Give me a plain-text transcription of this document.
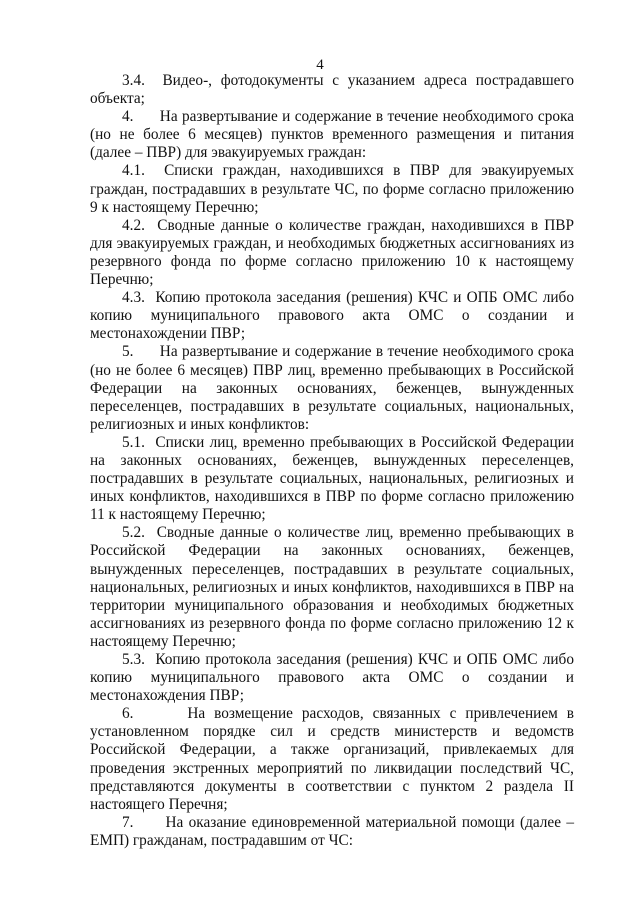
4

3.4.  Видео-, фотодокументы с указанием адреса пострадавшего объекта;

4.      На развертывание и содержание в течение необходимого срока (но не более 6 месяцев) пунктов временного размещения и питания (далее – ПВР) для эвакуируемых граждан:

4.1.  Списки граждан, находившихся в ПВР для эвакуируемых граждан, пострадавших в результате ЧС, по форме согласно приложению 9 к настоящему Перечню;

4.2.  Сводные данные о количестве граждан, находившихся в ПВР для эвакуируемых граждан, и необходимых бюджетных ассигнованиях из резервного фонда по форме согласно приложению 10 к настоящему Перечню;

4.3.  Копию протокола заседания (решения) КЧС и ОПБ ОМС либо копию муниципального правового акта ОМС о создании и местонахождении ПВР;

5.      На развертывание и содержание в течение необходимого срока (но не более 6 месяцев) ПВР лиц, временно пребывающих в Российской Федерации на законных основаниях, беженцев, вынужденных переселенцев, пострадавших в результате социальных, национальных, религиозных и иных конфликтов:

5.1.  Списки лиц, временно пребывающих в Российской Федерации на законных основаниях, беженцев, вынужденных переселенцев, пострадавших в результате социальных, национальных, религиозных и иных конфликтов, находившихся в ПВР по форме согласно приложению 11 к настоящему Перечню;

5.2.  Сводные данные о количестве лиц, временно пребывающих в Российской Федерации на законных основаниях, беженцев, вынужденных переселенцев, пострадавших в результате социальных, национальных, религиозных и иных конфликтов, находившихся в ПВР на территории муниципального образования и необходимых бюджетных ассигнованиях из резервного фонда по форме согласно приложению 12 к настоящему Перечню;

5.3.  Копию протокола заседания (решения) КЧС и ОПБ ОМС либо копию муниципального правового акта ОМС о создании и местонахождения ПВР;

6.      На возмещение расходов, связанных с привлечением в установленном порядке сил и средств министерств и ведомств Российской Федерации, а также организаций, привлекаемых для проведения экстренных мероприятий по ликвидации последствий ЧС, представляются документы в соответствии с пунктом 2 раздела II настоящего Перечня;

7.      На оказание единовременной материальной помощи (далее – ЕМП) гражданам, пострадавшим от ЧС:
